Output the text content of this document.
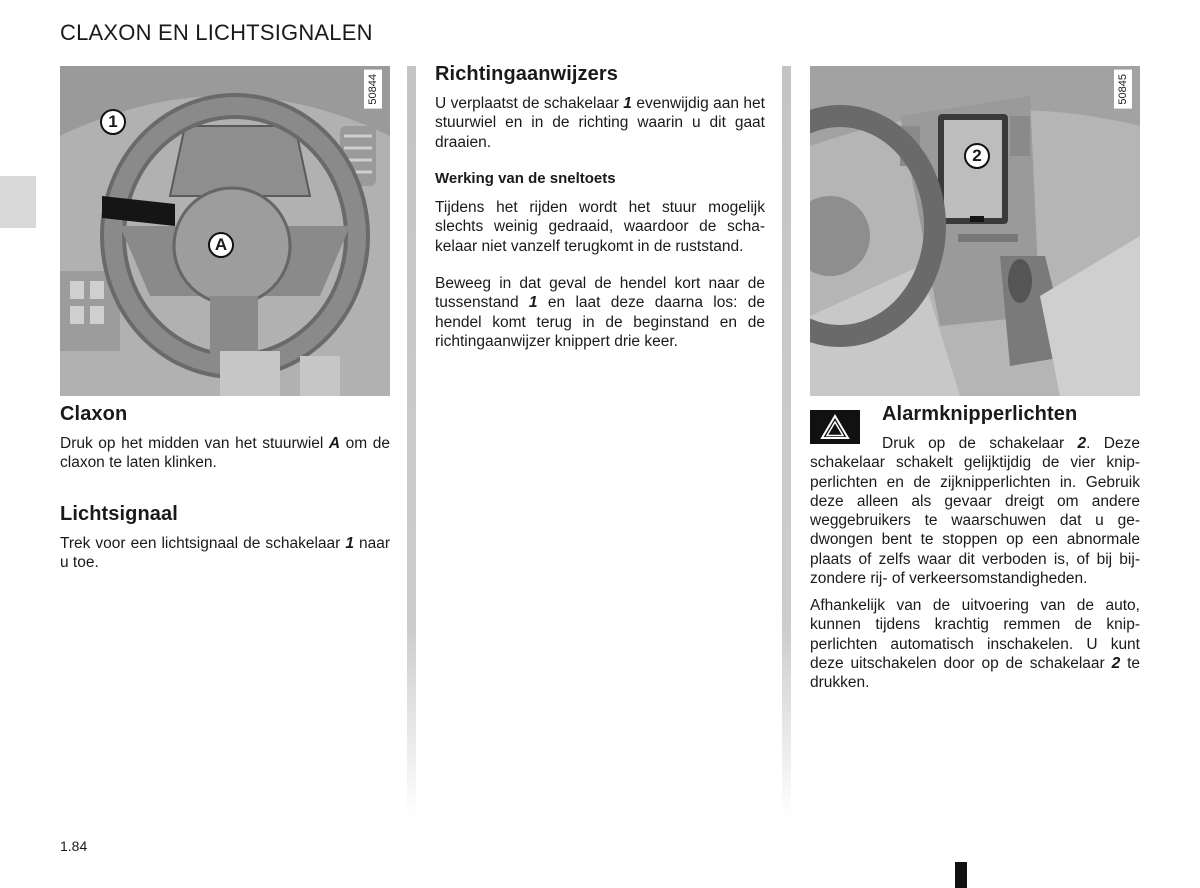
CLAXON EN LICHTSIGNALEN
1
A
50844
Claxon

Druk op het midden van het stuurwiel A om de claxon te laten klinken.

Lichtsignaal

Trek voor een lichtsignaal de schakelaar 1 naar u toe.

Richtingaanwijzers

U verplaatst de schakelaar 1 evenwijdig aan het stuurwiel en in de richting waarin u dit gaat draaien.

Werking van de sneltoets

Tijdens het rijden wordt het stuur mogelijk slechts weinig gedraaid, waardoor de schakelaar niet vanzelf terugkomt in de ruststand.

Beweeg in dat geval de hendel kort naar de tussenstand 1 en laat deze daarna los: de hendel komt terug in de beginstand en de richtingaanwijzer knippert drie keer.

2
50845
Alarmknipperlichten

Druk op de schakelaar 2. Deze schakelaar schakelt gelijktijdig de vier knipperlichten en de zijknipperlichten in. Gebruik deze alleen als gevaar dreigt om andere weggebruikers te waarschuwen dat u gedwongen bent te stoppen op een abnormale plaats of zelfs waar dit verboden is, of bij bijzondere rij- of verkeersomstandigheden.

Afhankelijk van de uitvoering van de auto, kunnen tijdens krachtig remmen de knipperlichten automatisch inschakelen. U kunt deze uitschakelen door op de schakelaar 2 te drukken.

1.84
